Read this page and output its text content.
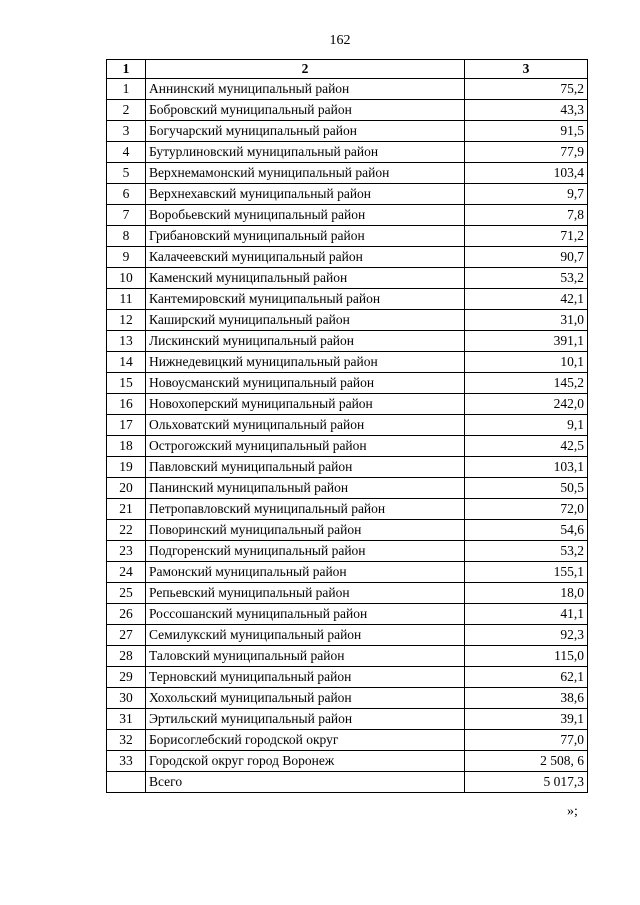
162
1	2	3
1	Аннинский муниципальный район	75,2
2	Бобровский муниципальный район	43,3
3	Богучарский муниципальный район	91,5
4	Бутурлиновский муниципальный район	77,9
5	Верхнемамонский муниципальный район	103,4
6	Верхнехавский муниципальный район	9,7
7	Воробьевский муниципальный район	7,8
8	Грибановский муниципальный район	71,2
9	Калачеевский муниципальный район	90,7
10	Каменский муниципальный район	53,2
11	Кантемировский муниципальный район	42,1
12	Каширский муниципальный район	31,0
13	Лискинский муниципальный район	391,1
14	Нижнедевицкий муниципальный район	10,1
15	Новоусманский муниципальный район	145,2
16	Новохоперский муниципальный район	242,0
17	Ольховатский муниципальный район	9,1
18	Острогожский муниципальный район	42,5
19	Павловский муниципальный район	103,1
20	Панинский муниципальный район	50,5
21	Петропавловский муниципальный район	72,0
22	Поворинский муниципальный район	54,6
23	Подгоренский муниципальный район	53,2
24	Рамонский муниципальный район	155,1
25	Репьевский муниципальный район	18,0
26	Россошанский муниципальный район	41,1
27	Семилукский муниципальный район	92,3
28	Таловский муниципальный район	115,0
29	Терновский муниципальный район	62,1
30	Хохольский муниципальный район	38,6
31	Эртильский муниципальный район	39,1
32	Борисоглебский городской округ	77,0
33	Городской округ город Воронеж	2 508, 6
	Всего	5 017,3
»;
